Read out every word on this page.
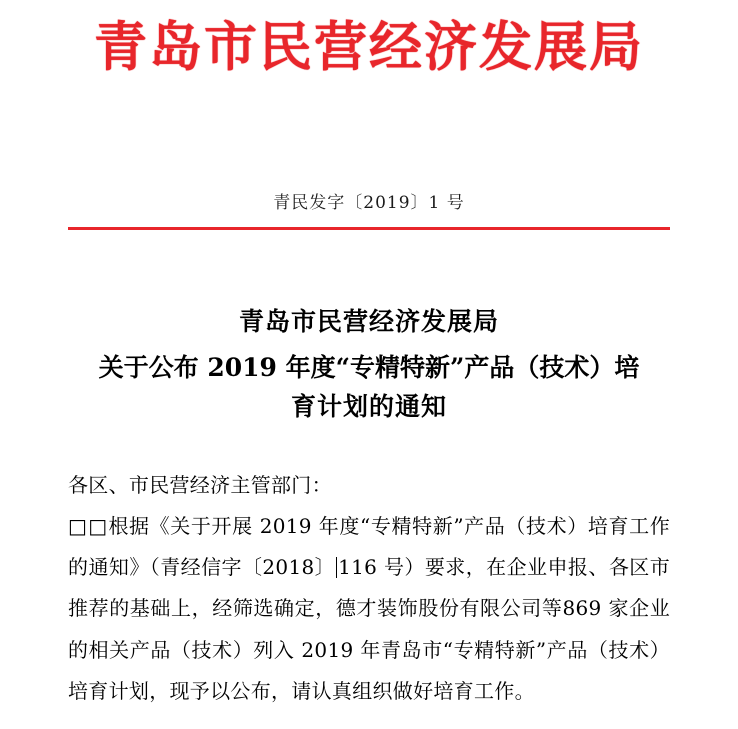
青岛市民营经济发展局
青民发字〔2019〕1 号
青岛市民营经济发展局
关于公布 2019 年度“专精特新”产品（技术）培
育计划的通知

各区、市民营经济主管部门：

□□根据《关于开展 2019 年度“专精特新”产品（技术）培育工作的通知》（青经信字〔2018〕 116 号）要求，在企业申报、各区市推荐的基础上，经筛选确定，德才装饰股份有限公司等869 家企业的相关产品（技术）列入 2019 年青岛市“专精特新”产品（技术）培育计划，现予以公布，请认真组织做好培育工作。
